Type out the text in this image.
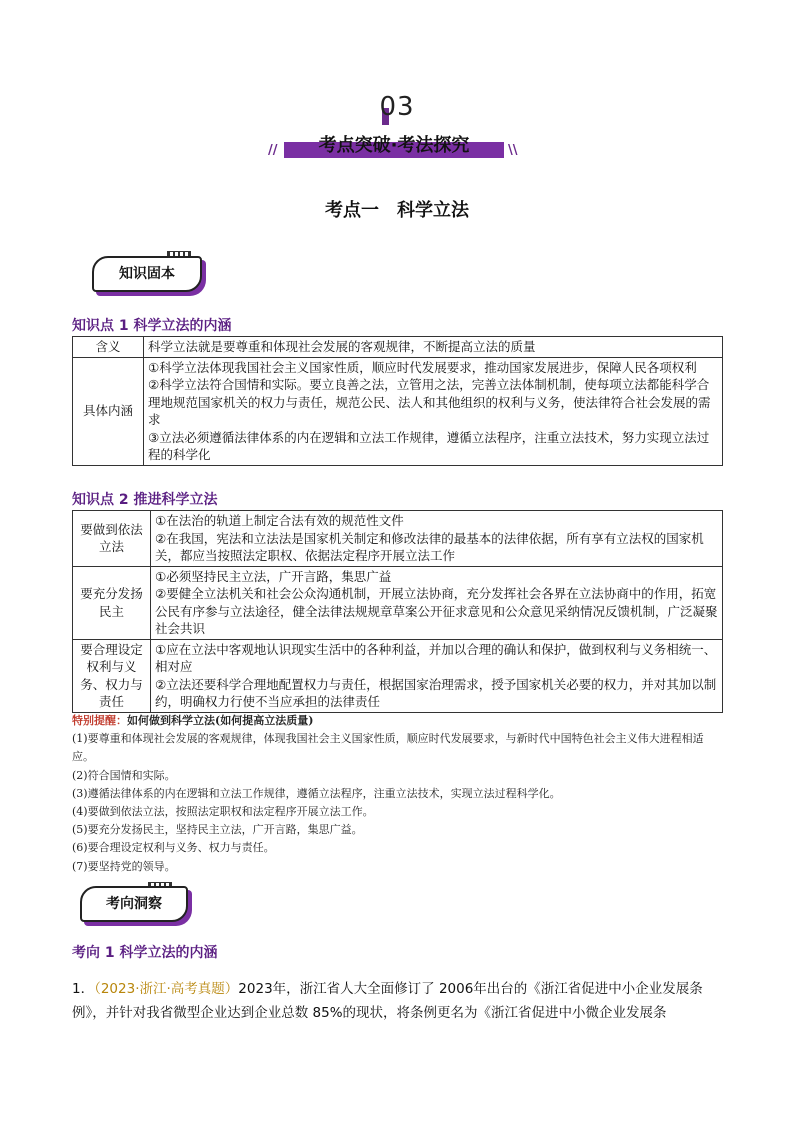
03
//	考点突破·考法探究	\\
考点一　科学立法
知识固本
知识点 1 科学立法的内涵
含义	科学立法就是要尊重和体现社会发展的客观规律，不断提高立法的质量
具体内涵	①科学立法体现我国社会主义国家性质，顺应时代发展要求，推动国家发展进步，保障人民各项权利
②科学立法符合国情和实际。要立良善之法，立管用之法，完善立法体制机制，使每项立法都能科学合理地规范国家机关的权力与责任，规范公民、法人和其他组织的权利与义务，使法律符合社会发展的需求
③立法必须遵循法律体系的内在逻辑和立法工作规律，遵循立法程序，注重立法技术，努力实现立法过程的科学化
知识点 2 推进科学立法
要做到依法立法	①在法治的轨道上制定合法有效的规范性文件
②在我国，宪法和立法法是国家机关制定和修改法律的最基本的法律依据，所有享有立法权的国家机关，都应当按照法定职权、依据法定程序开展立法工作

要充分发扬民主	①必须坚持民主立法，广开言路，集思广益
②要健全立法机关和社会公众沟通机制，开展立法协商，充分发挥社会各界在立法协商中的作用，拓宽公民有序参与立法途径，健全法律法规规章草案公开征求意见和公众意见采纳情况反馈机制，广泛凝聚社会共识

要合理设定权利与义务、权力与责任	①应在立法中客观地认识现实生活中的各种利益，并加以合理的确认和保护，做到权利与义务相统一、相对应
②立法还要科学合理地配置权力与责任，根据国家治理需求，授予国家机关必要的权力，并对其加以制约，明确权力行使不当应承担的法律责任
特别提醒：如何做到科学立法(如何提高立法质量)
(1)要尊重和体现社会发展的客观规律，体现我国社会主义国家性质，顺应时代发展要求，与新时代中国特色社会主义伟大进程相适应。
(2)符合国情和实际。
(3)遵循法律体系的内在逻辑和立法工作规律，遵循立法程序，注重立法技术，实现立法过程科学化。
(4)要做到依法立法，按照法定职权和法定程序开展立法工作。
(5)要充分发扬民主，坚持民主立法，广开言路，集思广益。
(6)要合理设定权利与义务、权力与责任。
(7)要坚持党的领导。
考向洞察
考向 1 科学立法的内涵
1．（2023·浙江·高考真题）2023年，浙江省人大全面修订了 2006年出台的《浙江省促进中小企业发展条例》，并针对我省微型企业达到企业总数 85%的现状，将条例更名为《浙江省促进中小微企业发展条
